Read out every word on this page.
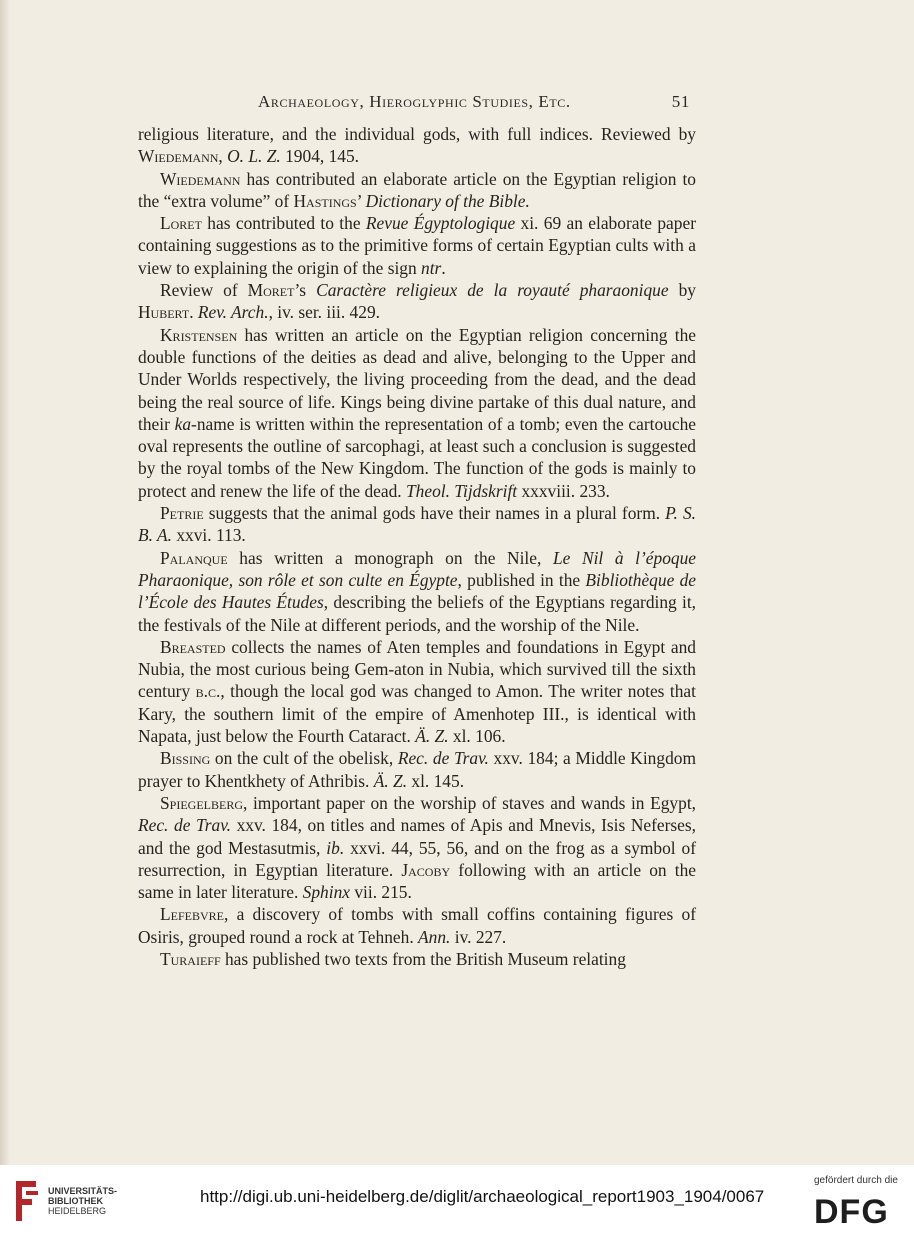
Archaeology, Hieroglyphic Studies, Etc.	51

religious literature, and the individual gods, with full indices. Reviewed by Wiedemann, O. L. Z. 1904, 145.

Wiedemann has contributed an elaborate article on the Egyptian religion to the “extra volume” of Hastings’ Dictionary of the Bible.

Loret has contributed to the Revue Égyptologique xi. 69 an elaborate paper containing suggestions as to the primitive forms of certain Egyptian cults with a view to explaining the origin of the sign ntr.

Review of Moret’s Caractère religieux de la royauté pharaonique by Hubert. Rev. Arch., iv. ser. iii. 429.

Kristensen has written an article on the Egyptian religion concerning the double functions of the deities as dead and alive, belonging to the Upper and Under Worlds respectively, the living proceeding from the dead, and the dead being the real source of life. Kings being divine partake of this dual nature, and their ka-name is written within the representation of a tomb; even the cartouche oval represents the outline of sarcophagi, at least such a conclusion is suggested by the royal tombs of the New Kingdom. The function of the gods is mainly to protect and renew the life of the dead. Theol. Tijdskrift xxxviii. 233.

Petrie suggests that the animal gods have their names in a plural form. P. S. B. A. xxvi. 113.

Palanque has written a monograph on the Nile, Le Nil à l’époque Pharaonique, son rôle et son culte en Égypte, published in the Bibliothèque de l’École des Hautes Études, describing the beliefs of the Egyptians regarding it, the festivals of the Nile at different periods, and the worship of the Nile.

Breasted collects the names of Aten temples and foundations in Egypt and Nubia, the most curious being Gem-aton in Nubia, which survived till the sixth century b.c., though the local god was changed to Amon. The writer notes that Kary, the southern limit of the empire of Amenhotep III., is identical with Napata, just below the Fourth Cataract. Ä. Z. xl. 106.

Bissing on the cult of the obelisk, Rec. de Trav. xxv. 184; a Middle Kingdom prayer to Khentkhety of Athribis. Ä. Z. xl. 145.

Spiegelberg, important paper on the worship of staves and wands in Egypt, Rec. de Trav. xxv. 184, on titles and names of Apis and Mnevis, Isis Neferses, and the god Mestasutmis, ib. xxvi. 44, 55, 56, and on the frog as a symbol of resurrection, in Egyptian literature. Jacoby following with an article on the same in later literature. Sphinx vii. 215.

Lefebvre, a discovery of tombs with small coffins containing figures of Osiris, grouped round a rock at Tehneh. Ann. iv. 227.

Turaieff has published two texts from the British Museum relating

UNIVERSITÄTS-
BIBLIOTHEK
HEIDELBERG
http://digi.ub.uni-heidelberg.de/diglit/archaeological_report1903_1904/0067
gefördert durch die
DFG
